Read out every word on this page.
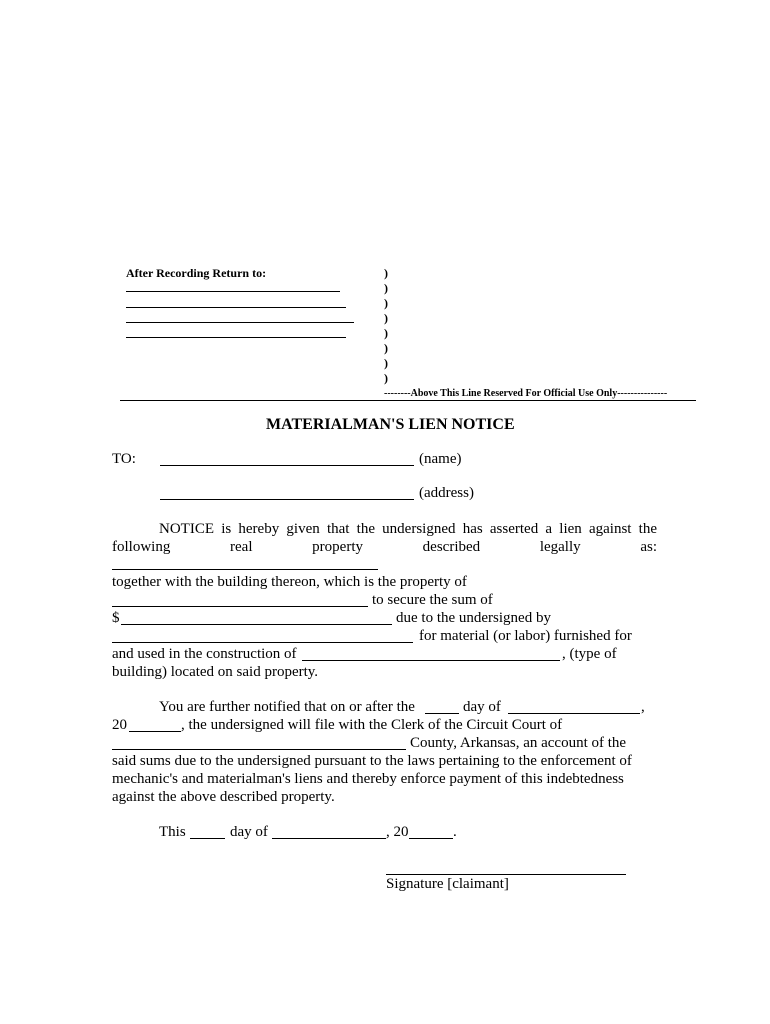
After Recording Return to:	)
)
)
)
)
)
)
)
--------Above This Line Reserved For Official Use Only---------------
MATERIALMAN'S LIEN NOTICE
TO:	(name)
(address)
NOTICE is hereby given that the undersigned has asserted a lien against the
following	real	property	described	legally	as:
together with the building thereon, which is the property of
to secure the sum of
$	due to the undersigned by
for material (or labor) furnished for
and used in the construction of	, (type of
building) located on said property.
You are further notified that on or after the	day of	,
20	, the undersigned will file with the Clerk of the Circuit Court of
County, Arkansas, an account of the
said sums due to the undersigned pursuant to the laws pertaining to the enforcement of
mechanic's and materialman's liens and thereby enforce payment of this indebtedness
against the above described property.
This	day of	, 20	.
Signature [claimant]
